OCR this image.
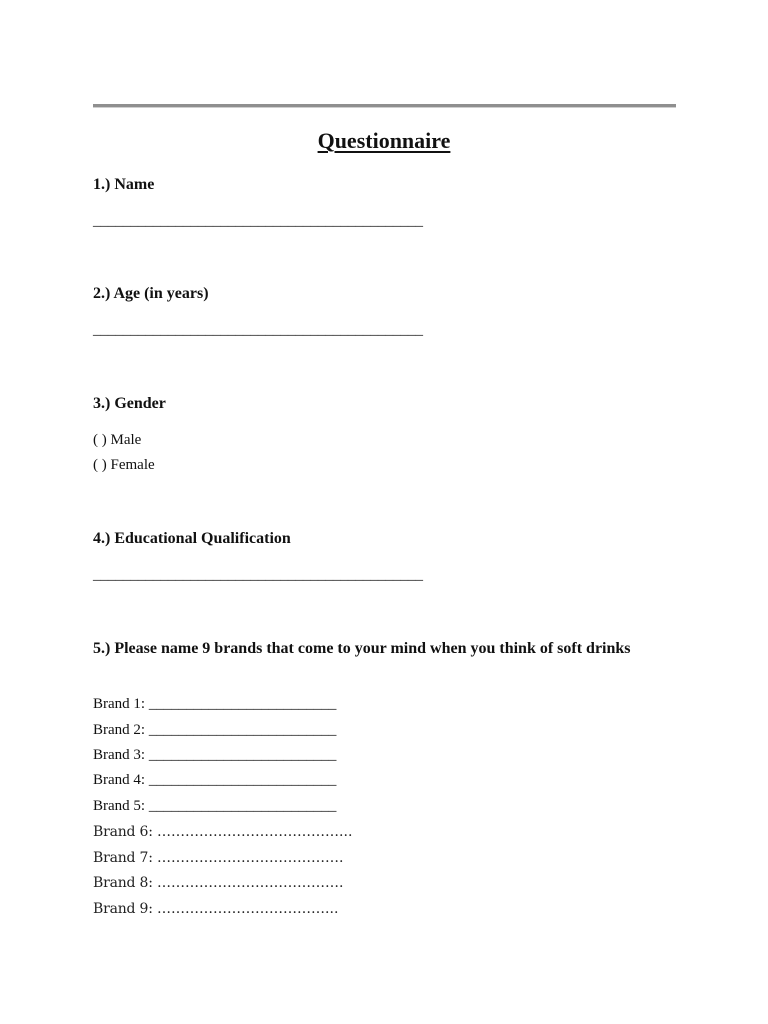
Questionnaire
1.) Name
____________________________________________
2.) Age (in years)
____________________________________________
3.) Gender
( ) Male
( ) Female
4.) Educational Qualification
____________________________________________
5.) Please name 9 brands that come to your mind when you think of soft drinks
Brand 1: _________________________
Brand 2: _________________________
Brand 3: _________________________
Brand 4: _________________________
Brand 5: _________________________
Brand 6: …………………………………...
Brand 7: ………………………………….
Brand 8: ………………………………….
Brand 9: ………………………………...
